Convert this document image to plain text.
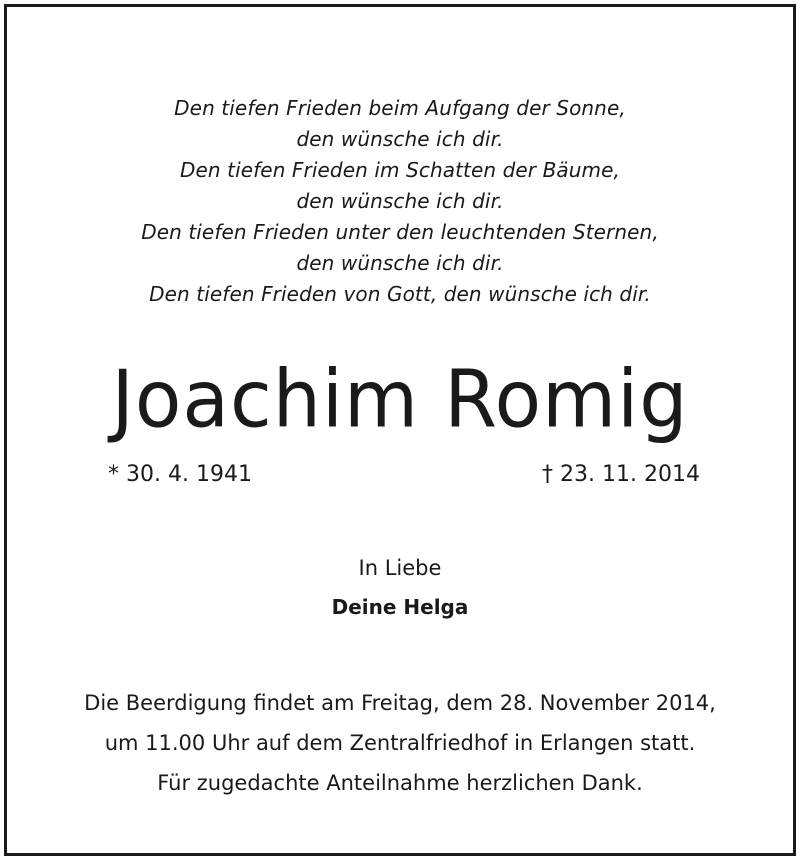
Den tiefen Frieden beim Aufgang der Sonne,
den wünsche ich dir.
Den tiefen Frieden im Schatten der Bäume,
den wünsche ich dir.
Den tiefen Frieden unter den leuchtenden Sternen,
den wünsche ich dir.
Den tiefen Frieden von Gott, den wünsche ich dir.
Joachim Romig
* 30. 4. 1941	† 23. 11. 2014
In Liebe
Deine Helga
Die Beerdigung findet am Freitag, dem 28. November 2014,
um 11.00 Uhr auf dem Zentralfriedhof in Erlangen statt.
Für zugedachte Anteilnahme herzlichen Dank.
